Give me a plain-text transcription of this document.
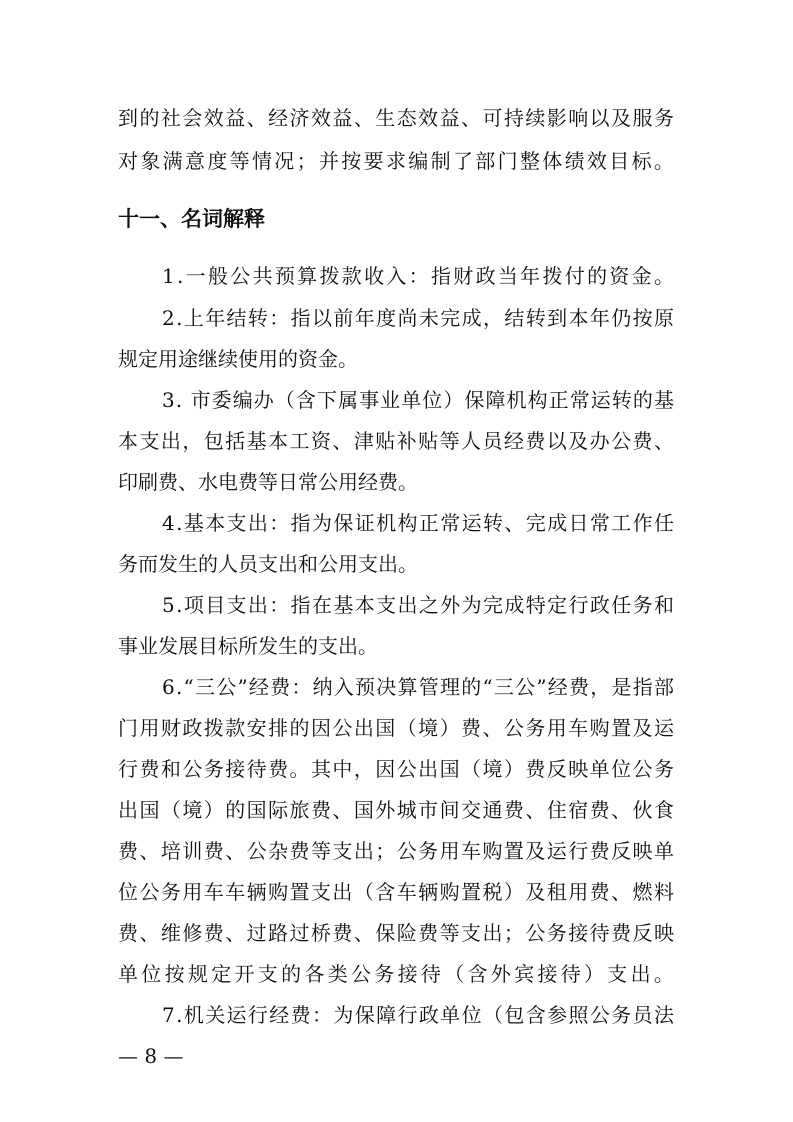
到的社会效益、经济效益、生态效益、可持续影响以及服务
对象满意度等情况；并按要求编制了部门整体绩效目标。
十一、名词解释
1.一般公共预算拨款收入：指财政当年拨付的资金。
2.上年结转：指以前年度尚未完成，结转到本年仍按原
规定用途继续使用的资金。
3. 市委编办（含下属事业单位）保障机构正常运转的基
本支出，包括基本工资、津贴补贴等人员经费以及办公费、
印刷费、水电费等日常公用经费。
4.基本支出：指为保证机构正常运转、完成日常工作任
务而发生的人员支出和公用支出。
5.项目支出：指在基本支出之外为完成特定行政任务和
事业发展目标所发生的支出。
6.“三公”经费：纳入预决算管理的“三公”经费，是指部
门用财政拨款安排的因公出国（境）费、公务用车购置及运
行费和公务接待费。其中，因公出国（境）费反映单位公务
出国（境）的国际旅费、国外城市间交通费、住宿费、伙食
费、培训费、公杂费等支出；公务用车购置及运行费反映单
位公务用车车辆购置支出（含车辆购置税）及租用费、燃料
费、维修费、过路过桥费、保险费等支出；公务接待费反映
单位按规定开支的各类公务接待（含外宾接待）支出。
7.机关运行经费：为保障行政单位（包含参照公务员法
— 8 —
